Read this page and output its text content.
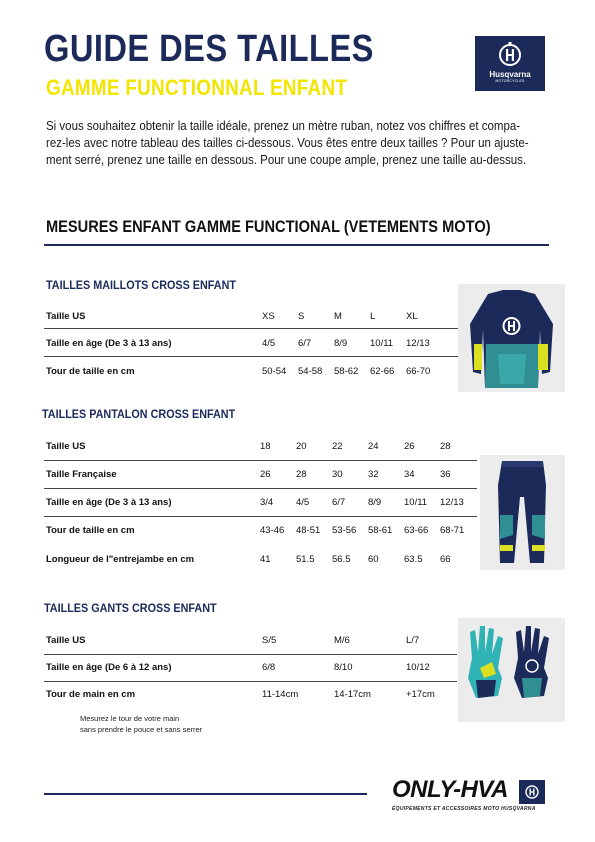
GUIDE DES TAILLES
GAMME FUNCTIONNAL ENFANT
Husqvarna
MOTORCYCLES
Si vous souhaitez obtenir la taille idéale, prenez un mètre ruban, notez vos chiffres et compa-
rez-les avec notre tableau des tailles ci-dessous. Vous êtes entre deux tailles ? Pour un ajuste-
ment serré, prenez une taille en dessous. Pour une coupe ample, prenez une taille au-dessus.
MESURES ENFANT GAMME FUNCTIONAL (VETEMENTS MOTO)
TAILLES MAILLOTS CROSS ENFANT
Taille US	XS S	M	L	XL
Taille en âge (De 3 à 13 ans)	4/5 6/7 8/9 10/11 12/13
Tour de taille en cm	50-54 54-58 58-62 62-66 66-70
TAILLES PANTALON CROSS ENFANT
Taille US	18	20	22	24	26	28
Taille Française	26	28	30	32	34	36
Taille en âge (De 3 à 13 ans)	3/4 4/5 6/7 8/9 10/11 12/13
Tour de taille en cm	43-46 48-51 53-56 58-61 63-66 68-71
Longueur de l"entrejambe en cm	41	51.5 56.5 60	63.5 66
TAILLES GANTS CROSS ENFANT
Taille US	S/5	M/6	L/7
Taille en âge (De 6 à 12 ans)	6/8	8/10	10/12
Tour de main en cm	11-14cm	14-17cm	+17cm
Mesurez le tour de votre main
sans prendre le pouce et sans serrer
ONLY-HVA
ÉQUIPEMENTS ET ACCESSOIRES MOTO HUSQVARNA
